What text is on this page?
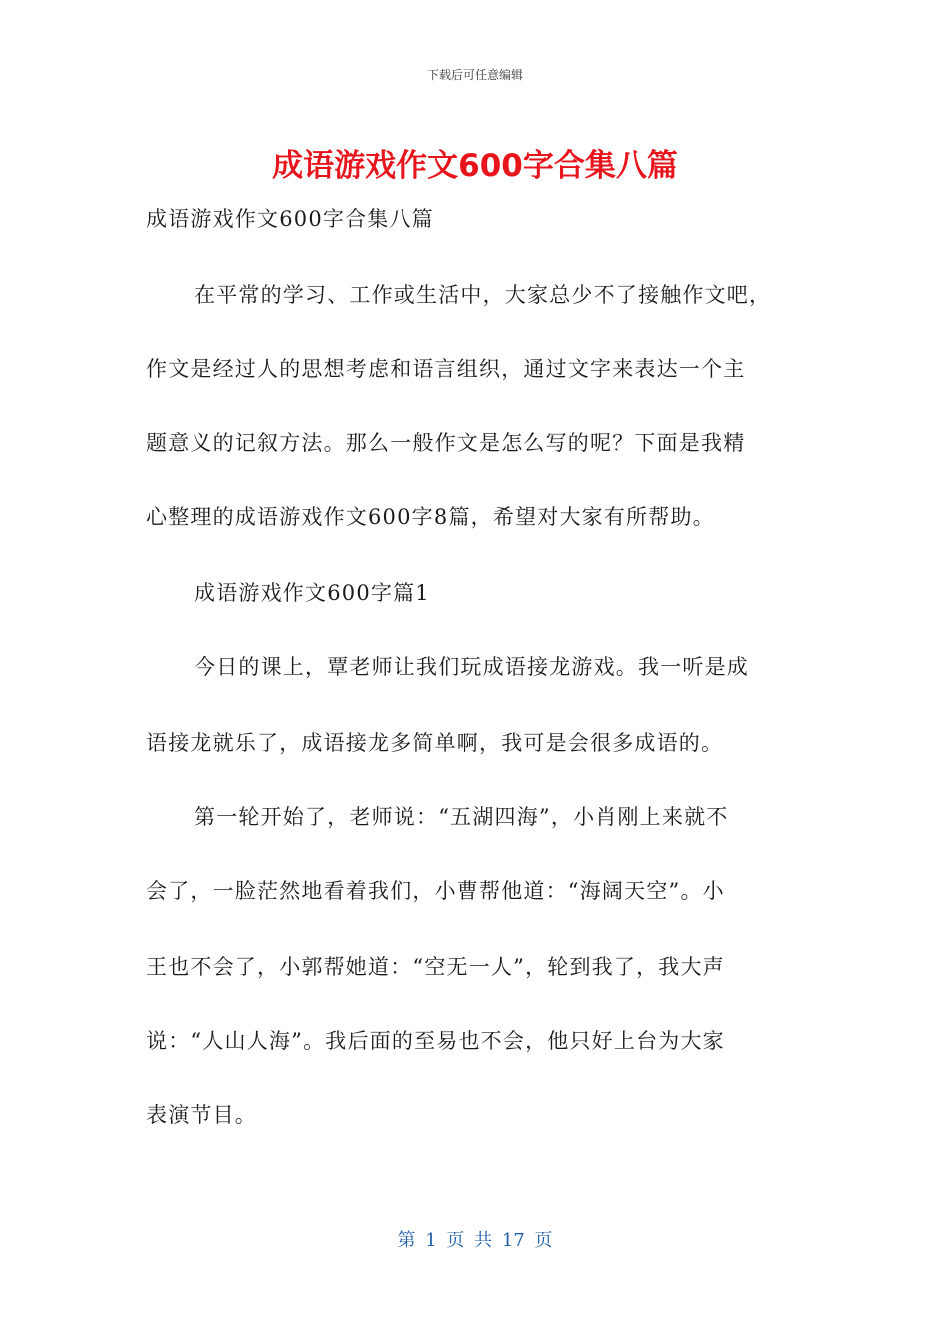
下载后可任意编辑
成语游戏作文600字合集八篇
成语游戏作文600字合集八篇
在平常的学习、工作或生活中，大家总少不了接触作文吧，
作文是经过人的思想考虑和语言组织，通过文字来表达一个主
题意义的记叙方法。那么一般作文是怎么写的呢？下面是我精
心整理的成语游戏作文600字8篇，希望对大家有所帮助。
成语游戏作文600字篇1
今日的课上，覃老师让我们玩成语接龙游戏。我一听是成
语接龙就乐了，成语接龙多简单啊，我可是会很多成语的。
第一轮开始了，老师说：“五湖四海”，小肖刚上来就不
会了，一脸茫然地看着我们，小曹帮他道：“海阔天空”。小
王也不会了，小郭帮她道：“空无一人”，轮到我了，我大声
说：“人山人海”。我后面的至易也不会，他只好上台为大家
表演节目。
第 1 页 共 17 页
